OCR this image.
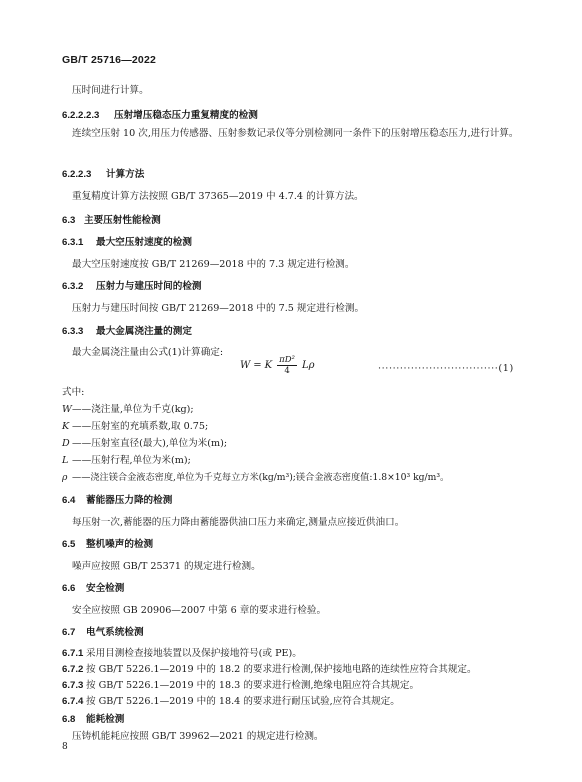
GB/T 25716—2022
压时间进行计算。
6.2.2.2.3 压射增压稳态压力重复精度的检测
连续空压射 10 次,用压力传感器、压射参数记录仪等分别检测同一条件下的压射增压稳态压力,进行计算。
6.2.2.3 计算方法
重复精度计算方法按照 GB/T 37365—2019 中 4.7.4 的计算方法。
6.3 主要压射性能检测
6.3.1 最大空压射速度的检测
最大空压射速度按 GB/T 21269—2018 中的 7.3 规定进行检测。
6.3.2 压射力与建压时间的检测
压射力与建压时间按 GB/T 21269—2018 中的 7.5 规定进行检测。
6.3.3 最大金属浇注量的测定
最大金属浇注量由公式(1)计算确定:
W = K $\frac{\text{πD²}}{4}$ Lρ	·································(1)
式中:
W——浇注量,单位为千克(kg);
K ——压射室的充填系数,取 0.75;
D ——压射室直径(最大),单位为米(m);
L ——压射行程,单位为米(m);
ρ ——浇注镁合金液态密度,单位为千克每立方米(kg/m³);镁合金液态密度值:1.8×10³ kg/m³。
6.4 蓄能器压力降的检测
每压射一次,蓄能器的压力降由蓄能器供油口压力来确定,测量点应接近供油口。
6.5 整机噪声的检测
噪声应按照 GB/T 25371 的规定进行检测。
6.6 安全检测
安全应按照 GB 20906—2007 中第 6 章的要求进行检验。
6.7 电气系统检测
6.7.1 采用目测检查接地装置以及保护接地符号(或 PE)。
6.7.2 按 GB/T 5226.1—2019 中的 18.2 的要求进行检测,保护接地电路的连续性应符合其规定。
6.7.3 按 GB/T 5226.1—2019 中的 18.3 的要求进行检测,绝缘电阻应符合其规定。
6.7.4 按 GB/T 5226.1—2019 中的 18.4 的要求进行耐压试验,应符合其规定。
6.8 能耗检测
压铸机能耗应按照 GB/T 39962—2021 的规定进行检测。
8
